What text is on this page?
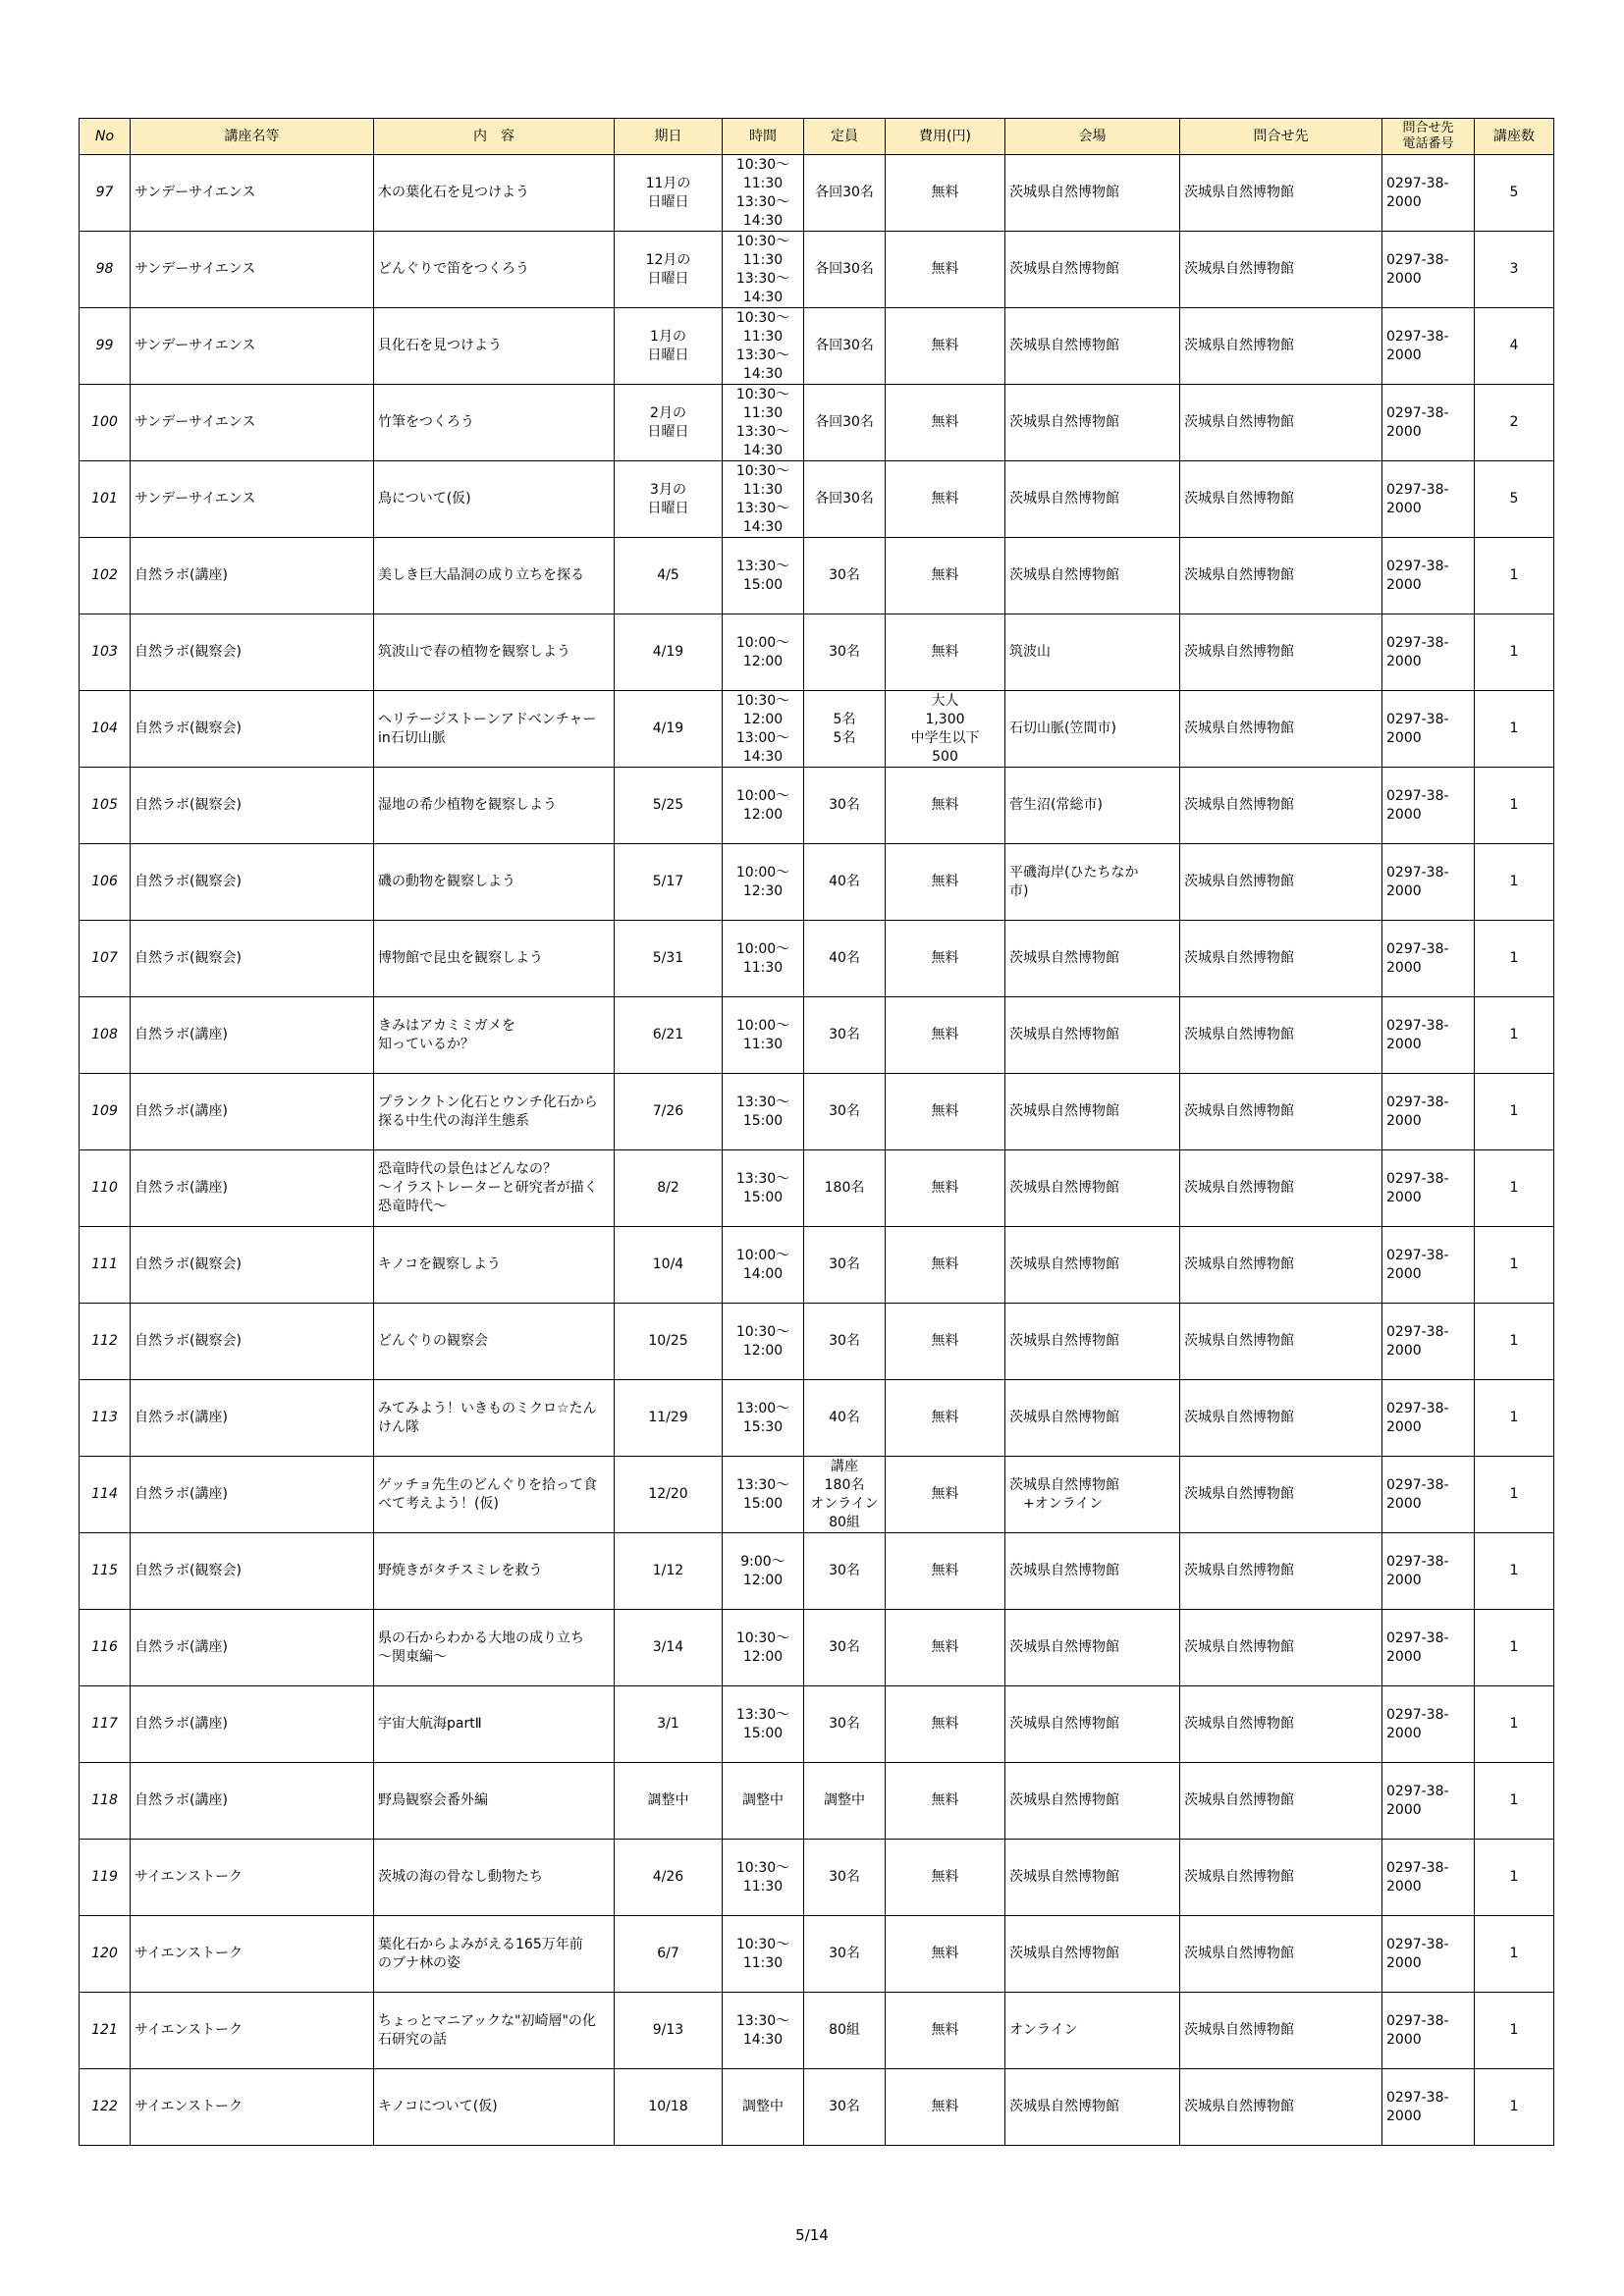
No	講座名等	内　容	期日	時間	定員	費用(円)	会場	問合せ先	問合せ先
電話番号	講座数
97	サンデーサイエンス	木の葉化石を見つけよう	11月の
日曜日	10:30～
11:30
13:30～
14:30	各回30名	無料	茨城県自然博物館	茨城県自然博物館	0297-38-
2000	5
98	サンデーサイエンス	どんぐりで笛をつくろう	12月の
日曜日	10:30～
11:30
13:30～
14:30	各回30名	無料	茨城県自然博物館	茨城県自然博物館	0297-38-
2000	3
99	サンデーサイエンス	貝化石を見つけよう	1月の
日曜日	10:30～
11:30
13:30～
14:30	各回30名	無料	茨城県自然博物館	茨城県自然博物館	0297-38-
2000	4
100	サンデーサイエンス	竹筆をつくろう	2月の
日曜日	10:30～
11:30
13:30～
14:30	各回30名	無料	茨城県自然博物館	茨城県自然博物館	0297-38-
2000	2
101	サンデーサイエンス	鳥について(仮)	3月の
日曜日	10:30～
11:30
13:30～
14:30	各回30名	無料	茨城県自然博物館	茨城県自然博物館	0297-38-
2000	5
102	自然ラボ(講座)	美しき巨大晶洞の成り立ちを探る	4/5	13:30～
15:00	30名	無料	茨城県自然博物館	茨城県自然博物館	0297-38-
2000	1
103	自然ラボ(観察会)	筑波山で春の植物を観察しよう	4/19	10:00～
12:00	30名	無料	筑波山	茨城県自然博物館	0297-38-
2000	1
104	自然ラボ(観察会)	ヘリテージストーンアドベンチャー
in石切山脈	4/19	10:30～
12:00
13:00～
14:30	5名
5名	大人
1,300
中学生以下
500	石切山脈(笠間市)	茨城県自然博物館	0297-38-
2000	1
105	自然ラボ(観察会)	湿地の希少植物を観察しよう	5/25	10:00～
12:00	30名	無料	菅生沼(常総市)	茨城県自然博物館	0297-38-
2000	1
106	自然ラボ(観察会)	磯の動物を観察しよう	5/17	10:00～
12:30	40名	無料	平磯海岸(ひたちなか
市)	茨城県自然博物館	0297-38-
2000	1
107	自然ラボ(観察会)	博物館で昆虫を観察しよう	5/31	10:00～
11:30	40名	無料	茨城県自然博物館	茨城県自然博物館	0297-38-
2000	1
108	自然ラボ(講座)	きみはアカミミガメを
知っているか？	6/21	10:00～
11:30	30名	無料	茨城県自然博物館	茨城県自然博物館	0297-38-
2000	1
109	自然ラボ(講座)	プランクトン化石とウンチ化石から
探る中生代の海洋生態系	7/26	13:30～
15:00	30名	無料	茨城県自然博物館	茨城県自然博物館	0297-38-
2000	1
110	自然ラボ(講座)	恐竜時代の景色はどんなの？
～イラストレーターと研究者が描く
恐竜時代～	8/2	13:30～
15:00	180名	無料	茨城県自然博物館	茨城県自然博物館	0297-38-
2000	1
111	自然ラボ(観察会)	キノコを観察しよう	10/4	10:00～
14:00	30名	無料	茨城県自然博物館	茨城県自然博物館	0297-38-
2000	1
112	自然ラボ(観察会)	どんぐりの観察会	10/25	10:30～
12:00	30名	無料	茨城県自然博物館	茨城県自然博物館	0297-38-
2000	1
113	自然ラボ(講座)	みてみよう！いきものミクロ☆たん
けん隊	11/29	13:00～
15:30	40名	無料	茨城県自然博物館	茨城県自然博物館	0297-38-
2000	1
114	自然ラボ(講座)	ゲッチョ先生のどんぐりを拾って食
べて考えよう！(仮)	12/20	13:30～
15:00	講座
180名
オンライン
80組	無料	茨城県自然博物館
　+オンライン	茨城県自然博物館	0297-38-
2000	1
115	自然ラボ(観察会)	野焼きがタチスミレを救う	1/12	9:00～
12:00	30名	無料	茨城県自然博物館	茨城県自然博物館	0297-38-
2000	1
116	自然ラボ(講座)	県の石からわかる大地の成り立ち
～関東編～	3/14	10:30～
12:00	30名	無料	茨城県自然博物館	茨城県自然博物館	0297-38-
2000	1
117	自然ラボ(講座)	宇宙大航海partⅡ	3/1	13:30～
15:00	30名	無料	茨城県自然博物館	茨城県自然博物館	0297-38-
2000	1
118	自然ラボ(講座)	野鳥観察会番外編	調整中	調整中	調整中	無料	茨城県自然博物館	茨城県自然博物館	0297-38-
2000	1
119	サイエンストーク	茨城の海の骨なし動物たち	4/26	10:30～
11:30	30名	無料	茨城県自然博物館	茨城県自然博物館	0297-38-
2000	1
120	サイエンストーク	葉化石からよみがえる165万年前
のブナ林の姿	6/7	10:30～
11:30	30名	無料	茨城県自然博物館	茨城県自然博物館	0297-38-
2000	1
121	サイエンストーク	ちょっとマニアックな"初崎層"の化
石研究の話	9/13	13:30～
14:30	80組	無料	オンライン	茨城県自然博物館	0297-38-
2000	1
122	サイエンストーク	キノコについて(仮)	10/18	調整中	30名	無料	茨城県自然博物館	茨城県自然博物館	0297-38-
2000	1
5/14
